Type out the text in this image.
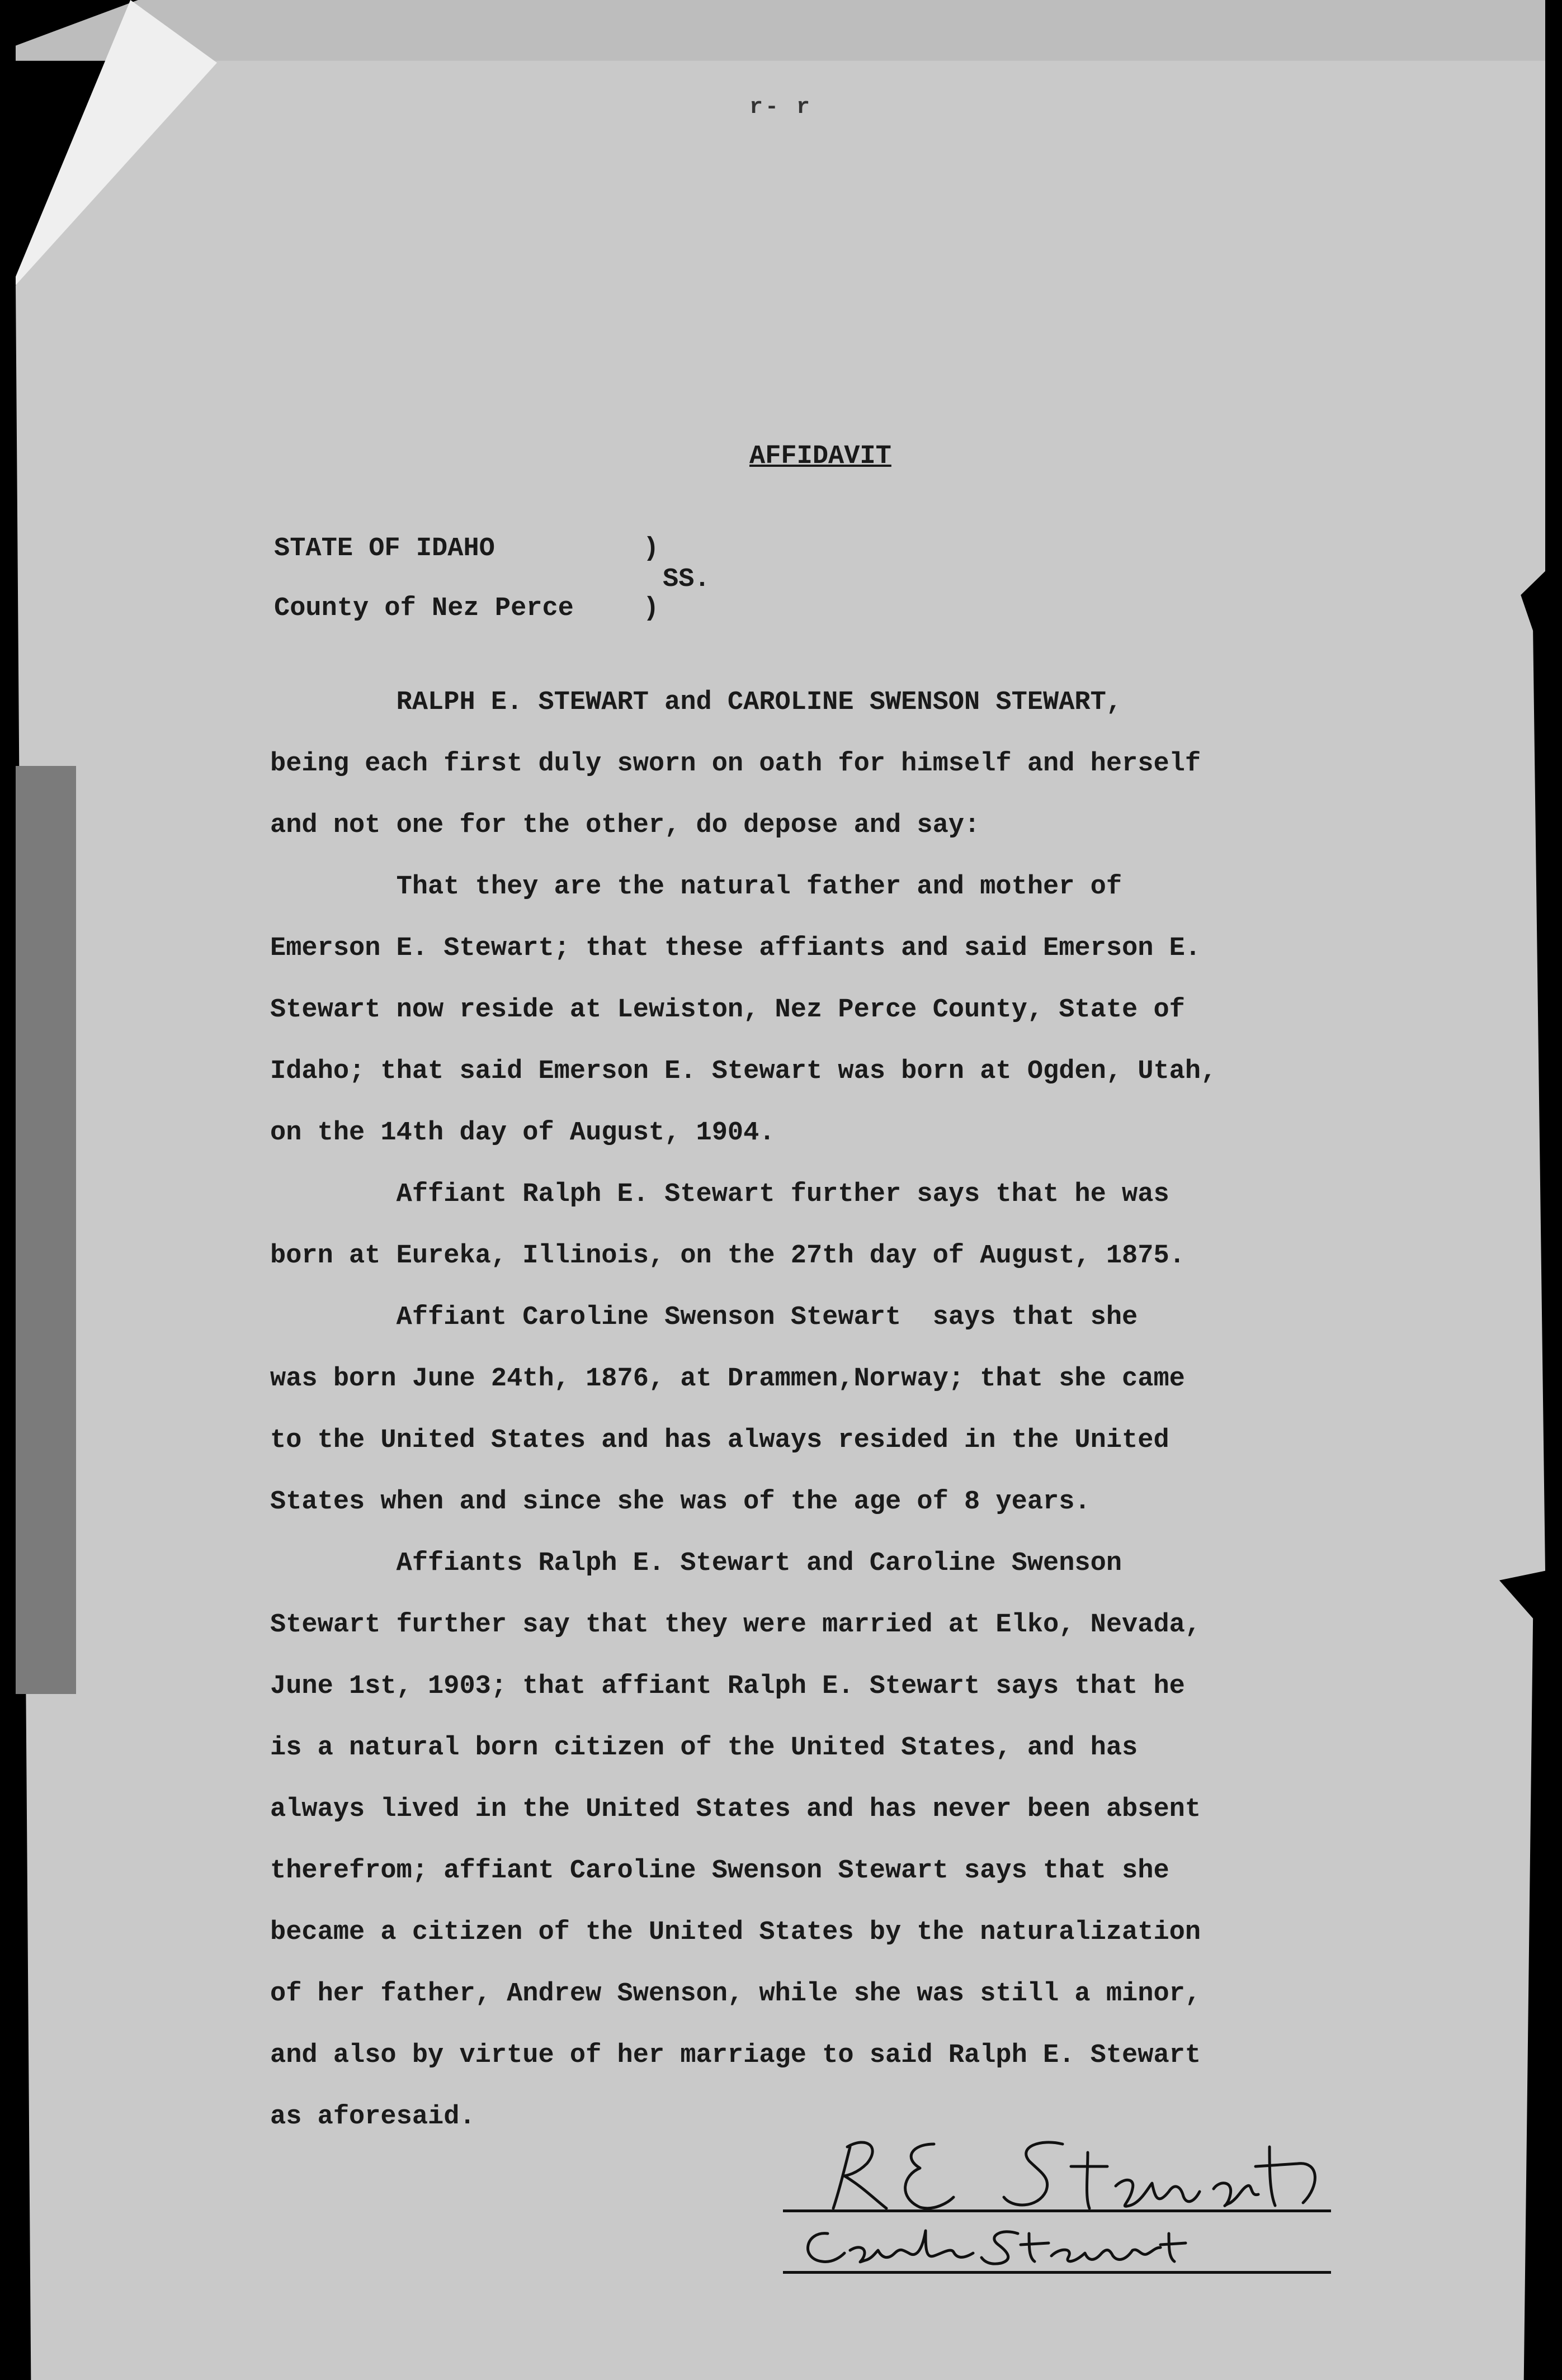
r- r
AFFIDAVIT
STATE OF IDAHO	)
SS.
County of Nez Perce	)
RALPH E. STEWART and CAROLINE SWENSON STEWART,
being each first duly sworn on oath for himself and herself
and not one for the other, do depose and say:
That they are the natural father and mother of
Emerson E. Stewart; that these affiants and said Emerson E.
Stewart now reside at Lewiston, Nez Perce County, State of
Idaho; that said Emerson E. Stewart was born at Ogden, Utah,
on the 14th day of August, 1904.
Affiant Ralph E. Stewart further says that he was
born at Eureka, Illinois, on the 27th day of August, 1875.
Affiant Caroline Swenson Stewart  says that she
was born June 24th, 1876, at Drammen,Norway; that she came
to the United States and has always resided in the United
States when and since she was of the age of 8 years.
Affiants Ralph E. Stewart and Caroline Swenson
Stewart further say that they were married at Elko, Nevada,
June 1st, 1903; that affiant Ralph E. Stewart says that he
is a natural born citizen of the United States, and has
always lived in the United States and has never been absent
therefrom; affiant Caroline Swenson Stewart says that she
became a citizen of the United States by the naturalization
of her father, Andrew Swenson, while she was still a minor,
and also by virtue of her marriage to said Ralph E. Stewart
as aforesaid.
